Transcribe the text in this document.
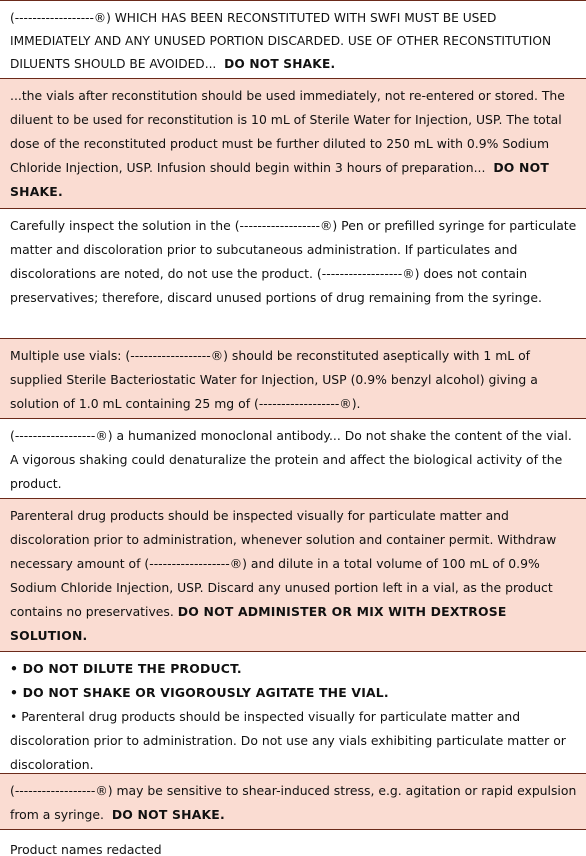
(------------------®) WHICH HAS BEEN RECONSTITUTED WITH SWFI MUST BE USED IMMEDIATELY AND ANY UNUSED PORTION DISCARDED. USE OF OTHER RECONSTITUTION DILUENTS SHOULD BE AVOIDED... DO NOT SHAKE.
...the vials after reconstitution should be used immediately, not re-entered or stored. The diluent to be used for reconstitution is 10 mL of Sterile Water for Injection, USP. The total dose of the reconstituted product must be further diluted to 250 mL with 0.9% Sodium Chloride Injection, USP. Infusion should begin within 3 hours of preparation... DO NOT SHAKE.
Carefully inspect the solution in the (------------------®) Pen or prefilled syringe for particulate matter and discoloration prior to subcutaneous administration. If particulates and discolorations are noted, do not use the product. (------------------®) does not contain preservatives; therefore, discard unused portions of drug remaining from the syringe.
Multiple use vials: (------------------®) should be reconstituted aseptically with 1 mL of supplied Sterile Bacteriostatic Water for Injection, USP (0.9% benzyl alcohol) giving a solution of 1.0 mL containing 25 mg of (------------------®).
(------------------®) a humanized monoclonal antibody... Do not shake the content of the vial. A vigorous shaking could denaturalize the protein and affect the biological activity of the product.
Parenteral drug products should be inspected visually for particulate matter and discoloration prior to administration, whenever solution and container permit. Withdraw necessary amount of (------------------®) and dilute in a total volume of 100 mL of 0.9% Sodium Chloride Injection, USP. Discard any unused portion left in a vial, as the product contains no preservatives. DO NOT ADMINISTER OR MIX WITH DEXTROSE SOLUTION.
• DO NOT DILUTE THE PRODUCT.
• DO NOT SHAKE OR VIGOROUSLY AGITATE THE VIAL.
• Parenteral drug products should be inspected visually for particulate matter and discoloration prior to administration. Do not use any vials exhibiting particulate matter or discoloration.
(------------------®) may be sensitive to shear-induced stress, e.g. agitation or rapid expulsion from a syringe. DO NOT SHAKE.
Product names redacted
